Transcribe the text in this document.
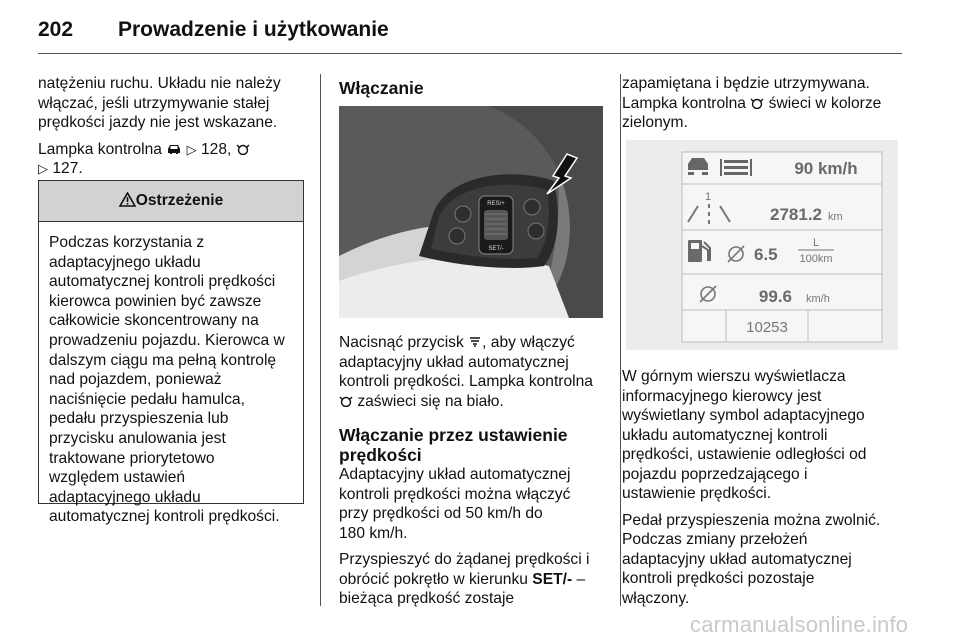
202 Prowadzenie i użytkowanie

natężeniu ruchu. Układu nie należy
włączać, jeśli utrzymywanie stałej
prędkości jazdy nie jest wskazane.

Lampka kontrolna ▷ 128,
▷ 127.

Ostrzeżenie
Podczas korzystania z
adaptacyjnego układu
automatycznej kontroli prędkości
kierowca powinien być zawsze
całkowicie skoncentrowany na
prowadzeniu pojazdu. Kierowca w
dalszym ciągu ma pełną kontrolę
nad pojazdem, ponieważ
naciśnięcie pedału hamulca,
pedału przyspieszenia lub
przycisku anulowania jest
traktowane priorytetowo
względem ustawień
adaptacyjnego układu
automatycznej kontroli prędkości.
Włączanie
RES/+
SET/-

Nacisnąć przycisk , aby włączyć
adaptacyjny układ automatycznej
kontroli prędkości. Lampka kontrolna
zaświeci się na biało.

Włączanie przez ustawienie
prędkości

Adaptacyjny układ automatycznej
kontroli prędkości można włączyć
przy prędkości od 50 km/h do
180 km/h.

Przyspieszyć do żądanej prędkości i
obrócić pokrętło w kierunku SET/- –
bieżąca prędkość zostaje

zapamiętana i będzie utrzymywana.
Lampka kontrolna  świeci w kolorze
zielonym.

90 km/h
1
2781.2 km
6.5
L
100km
99.6 km/h
10253

W górnym wierszu wyświetlacza
informacyjnego kierowcy jest
wyświetlany symbol adaptacyjnego
układu automatycznej kontroli
prędkości, ustawienie odległości od
pojazdu poprzedzającego i
ustawienie prędkości.

Pedał przyspieszenia można zwolnić.
Podczas zmiany przełożeń
adaptacyjny układ automatycznej
kontroli prędkości pozostaje
włączony.

carmanualsonline.info
